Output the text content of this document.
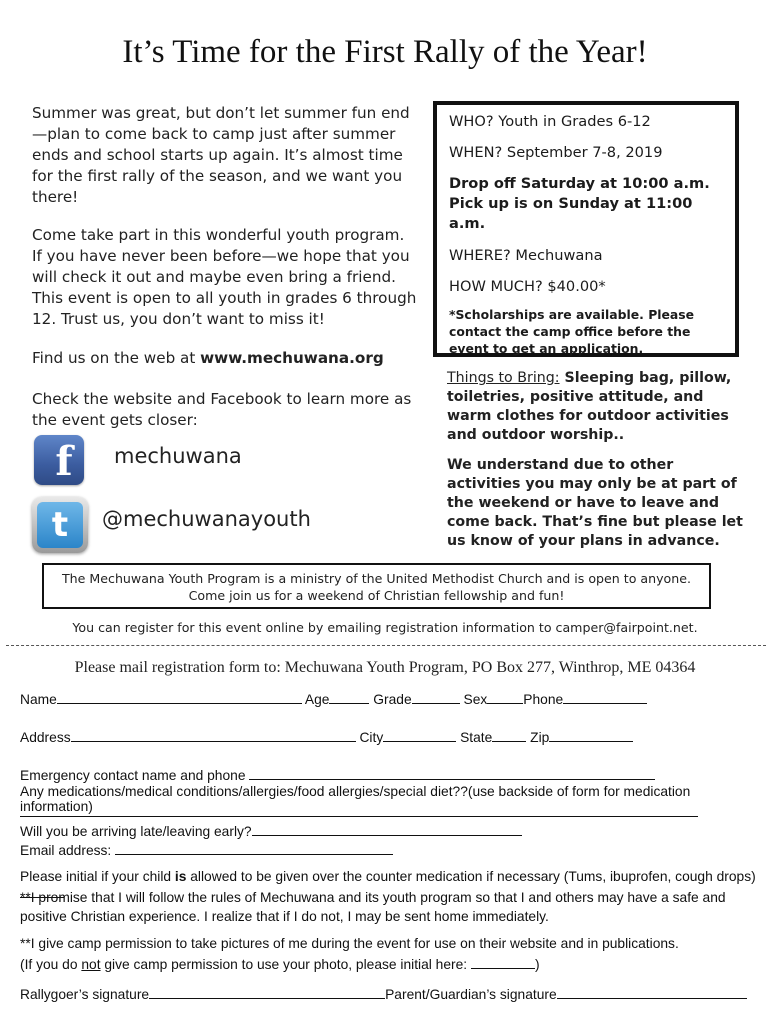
It’s Time for the First Rally of the Year!
Summer was great, but don’t let summer fun end—plan to come back to camp just after summer ends and school starts up again. It’s almost time for the first rally of the season, and we want you there!
Come take part in this wonderful youth program. If you have never been before—we hope that you will check it out and maybe even bring a friend. This event is open to all youth in grades 6 through 12. Trust us, you don’t want to miss it!
Find us on the web at www.mechuwana.org
Check the website and Facebook to learn more as the event gets closer:
f	mechuwana
t	@mechuwanayouth
WHO? Youth in Grades 6-12
WHEN? September 7-8, 2019
Drop off Saturday at 10:00 a.m.
Pick up is on Sunday at 11:00 a.m.
WHERE? Mechuwana
HOW MUCH? $40.00*
*Scholarships are available. Please contact the camp office before the event to get an application.
Things to Bring: Sleeping bag, pillow, toiletries, positive attitude, and warm clothes for outdoor activities and outdoor worship..
We understand due to other activities you may only be at part of the weekend or have to leave and come back. That’s fine but please let us know of your plans in advance.
The Mechuwana Youth Program is a ministry of the United Methodist Church and is open to anyone.
Come join us for a weekend of Christian fellowship and fun!
You can register for this event online by emailing registration information to camper@fairpoint.net.
Please mail registration form to: Mechuwana Youth Program, PO Box 277, Winthrop, ME 04364
Name	Age	Grade	Sex	Phone
Address	City	State	Zip
Emergency contact name and phone
Any medications/medical conditions/allergies/food allergies/special diet??(use backside of form for medication information)
Will you be arriving late/leaving early?
Email address:
Please initial if your child is allowed to be given over the counter medication if necessary (Tums, ibuprofen, cough drops)
**I promise that I will follow the rules of Mechuwana and its youth program so that I and others may have a safe and positive Christian experience. I realize that if I do not, I may be sent home immediately.
**I give camp permission to take pictures of me during the event for use on their website and in publications.
(If you do not give camp permission to use your photo, please initial here:	)
Rallygoer’s signature	Parent/Guardian’s signature
